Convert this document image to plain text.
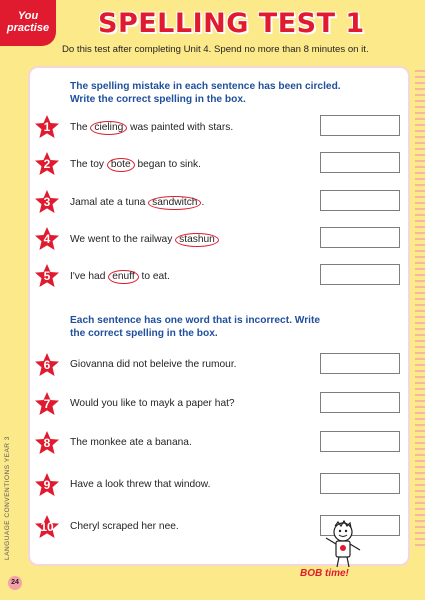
You
practise SPELLING TEST 1
Do this test after completing Unit 4. Spend no more than 8 minutes on it.
The spelling mistake in each sentence has been circled.
Write the correct spelling in the box.
1	The cieling was painted with stars.
2	The toy bote began to sink.
3	Jamal ate a tuna sandwitch .
4	We went to the railway stashun
5	I've had enuff to eat.
Each sentence has one word that is incorrect. Write
the correct spelling in the box.
6	Giovanna did not beleive the rumour.
7	Would you like to mayk a paper hat?
8	The monkee ate a banana.
9	Have a look threw that window.
10	Cheryl scraped her nee.
LANGUAGE CONVENTIONS YEAR 3
24
BOB time!
